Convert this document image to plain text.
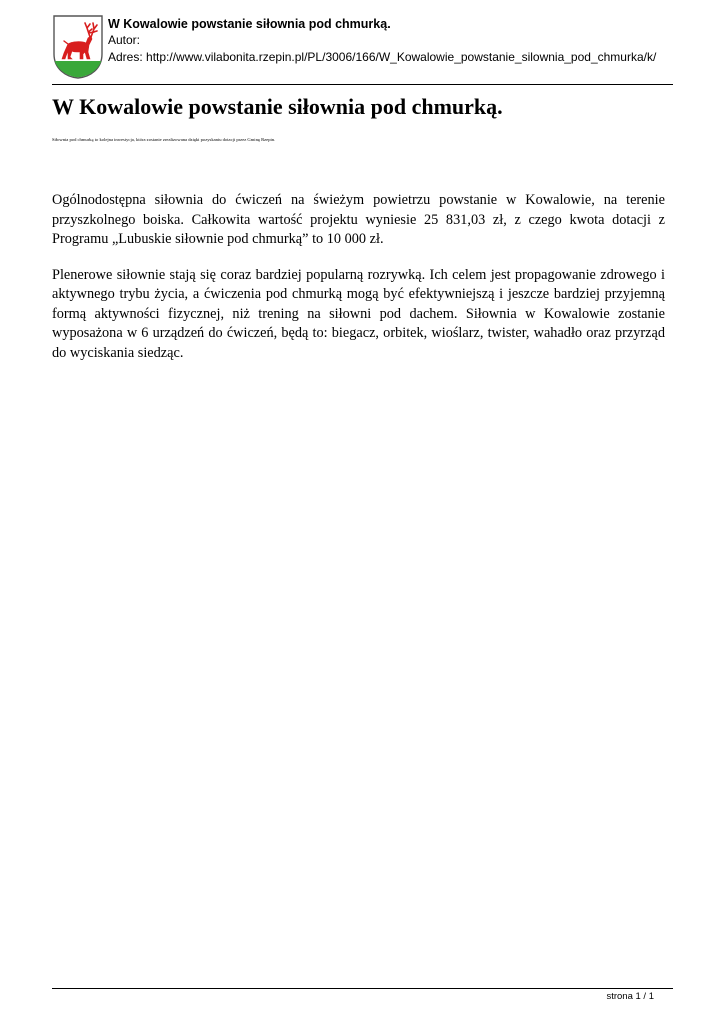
W Kowalowie powstanie siłownia pod chmurką.
Autor:
Adres: http://www.vilabonita.rzepin.pl/PL/3006/166/W_Kowalowie_powstanie_silownia_pod_chmurka/k/
W Kowalowie powstanie siłownia pod chmurką.

Siłownia pod chmurką to kolejna inwestycja, która zostanie zrealizowana dzięki pozyskaniu dotacji przez Gminę Rzepin.

Ogólnodostępna siłownia do ćwiczeń na świeżym powietrzu powstanie w Kowalowie, na terenie przyszkolnego boiska. Całkowita wartość projektu wyniesie 25 831,03 zł, z czego kwota dotacji z Programu „Lubuskie siłownie pod chmurką” to 10 000 zł.

Plenerowe siłownie stają się coraz bardziej popularną rozrywką. Ich celem jest propagowanie zdrowego i aktywnego trybu życia, a ćwiczenia pod chmurką mogą być efektywniejszą i jeszcze bardziej przyjemną formą aktywności fizycznej, niż trening na siłowni pod dachem. Siłownia w Kowalowie zostanie wyposażona w 6 urządzeń do ćwiczeń, będą to: biegacz, orbitek, wioślarz, twister, wahadło oraz przyrząd do wyciskania siedząc.

strona 1 / 1
